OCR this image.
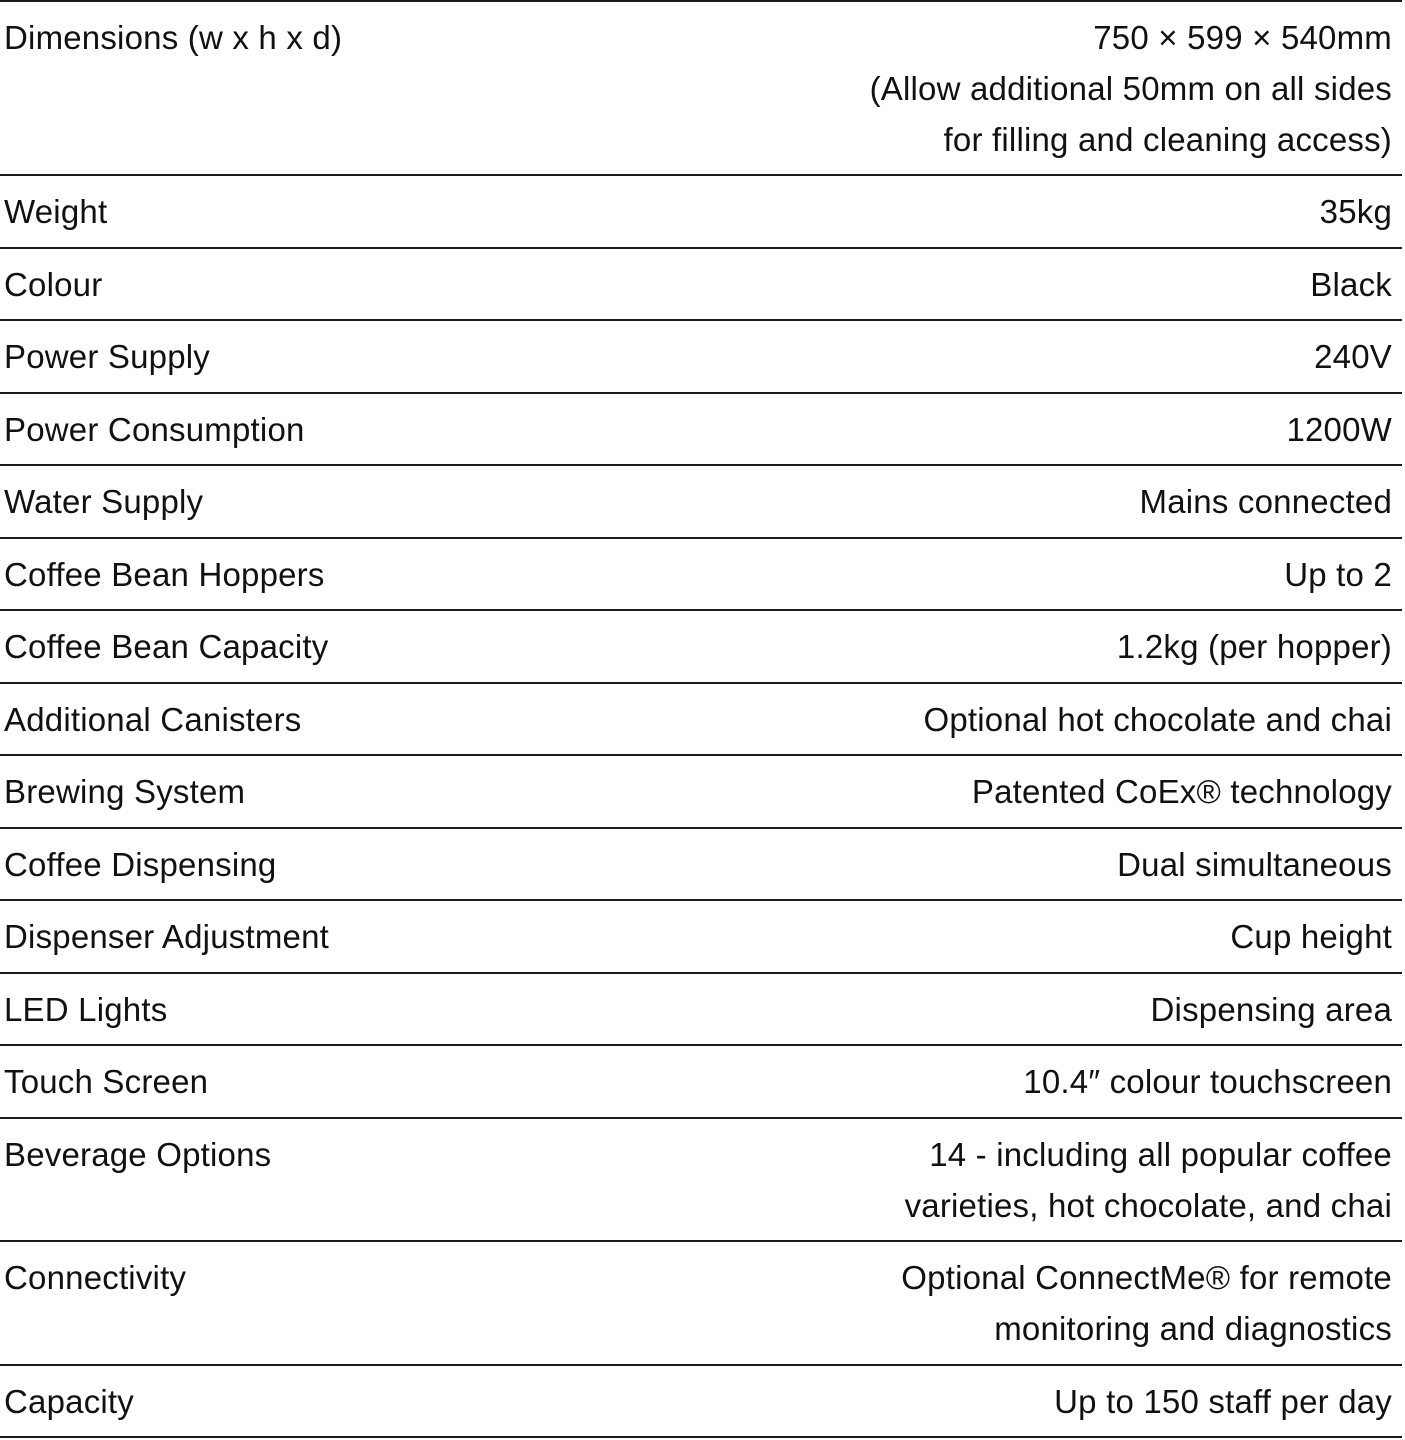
Dimensions (w x h x d)	750 × 599 × 540mm
(Allow additional 50mm on all sides
for filling and cleaning access)
Weight	35kg
Colour	Black
Power Supply	240V
Power Consumption	1200W
Water Supply	Mains connected
Coffee Bean Hoppers	Up to 2
Coffee Bean Capacity	1.2kg (per hopper)
Additional Canisters	Optional hot chocolate and chai
Brewing System	Patented CoEx® technology
Coffee Dispensing	Dual simultaneous
Dispenser Adjustment	Cup height
LED Lights	Dispensing area
Touch Screen	10.4″ colour touchscreen
Beverage Options	14 - including all popular coffee
varieties, hot chocolate, and chai
Connectivity	Optional ConnectMe® for remote
monitoring and diagnostics
Capacity	Up to 150 staff per day
